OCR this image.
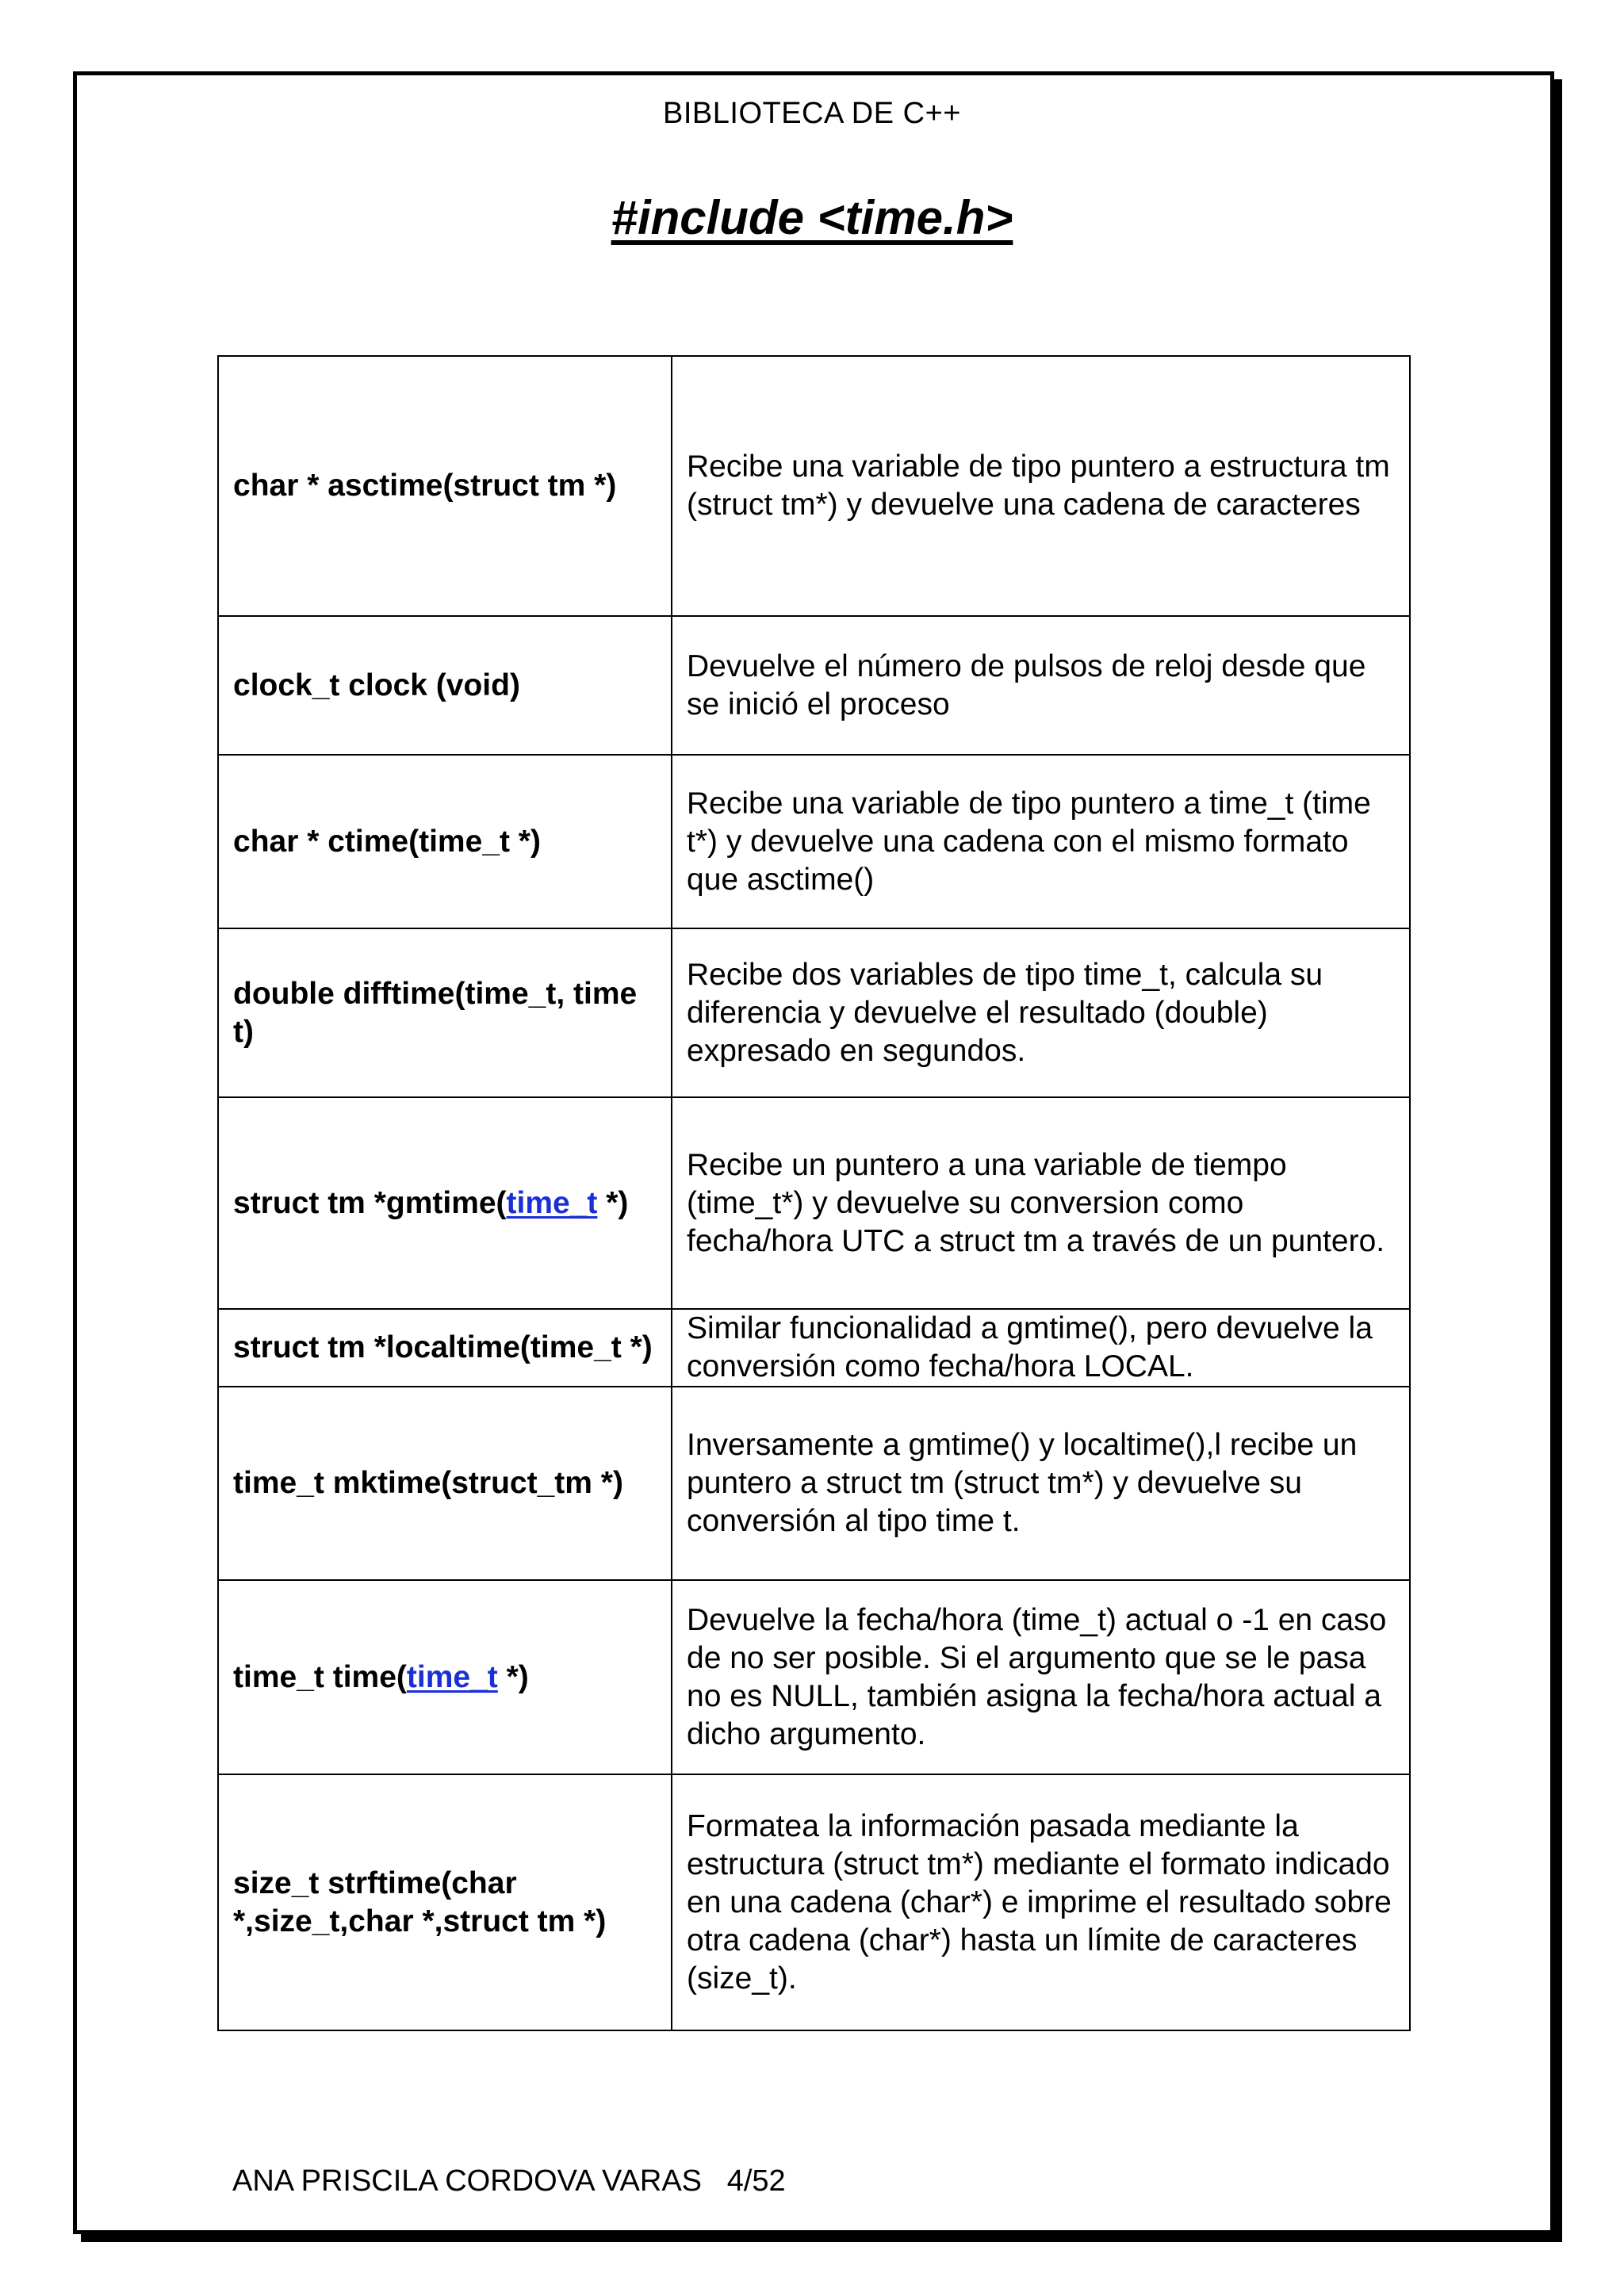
BIBLIOTECA DE C++
#include <time.h>
char * asctime(struct tm *)	Recibe una variable de tipo puntero a estructura tm (struct tm*) y devuelve una cadena de caracteres
clock_t clock (void)	Devuelve el número de pulsos de reloj desde que se inició el proceso
char * ctime(time_t *)	Recibe una variable de tipo puntero a time_t (time t*) y devuelve una cadena con el mismo formato que asctime()
double difftime(time_t, time t)	Recibe dos variables de tipo time_t, calcula su diferencia y devuelve el resultado (double) expresado en segundos.
struct tm *gmtime(time_t *)	Recibe un puntero a una variable de tiempo (time_t*) y devuelve su conversion como fecha/hora UTC a struct tm a través de un puntero.
struct tm *localtime(time_t *)	Similar funcionalidad a gmtime(), pero devuelve la conversión como fecha/hora LOCAL.
time_t mktime(struct_tm *)	Inversamente a gmtime() y localtime(),l recibe un puntero a struct tm (struct tm*) y devuelve su conversión al tipo time t.
time_t time(time_t *)	Devuelve la fecha/hora (time_t) actual o -1 en caso de no ser posible. Si el argumento que se le pasa no es NULL, también asigna la fecha/hora actual a dicho argumento.
size_t strftime(char *,size_t,char *,struct tm *)	Formatea la información pasada mediante la estructura (struct tm*) mediante el formato indicado en una cadena (char*) e imprime el resultado sobre otra cadena (char*) hasta un límite de caracteres (size_t).
ANA PRISCILA CORDOVA VARAS 4/52
